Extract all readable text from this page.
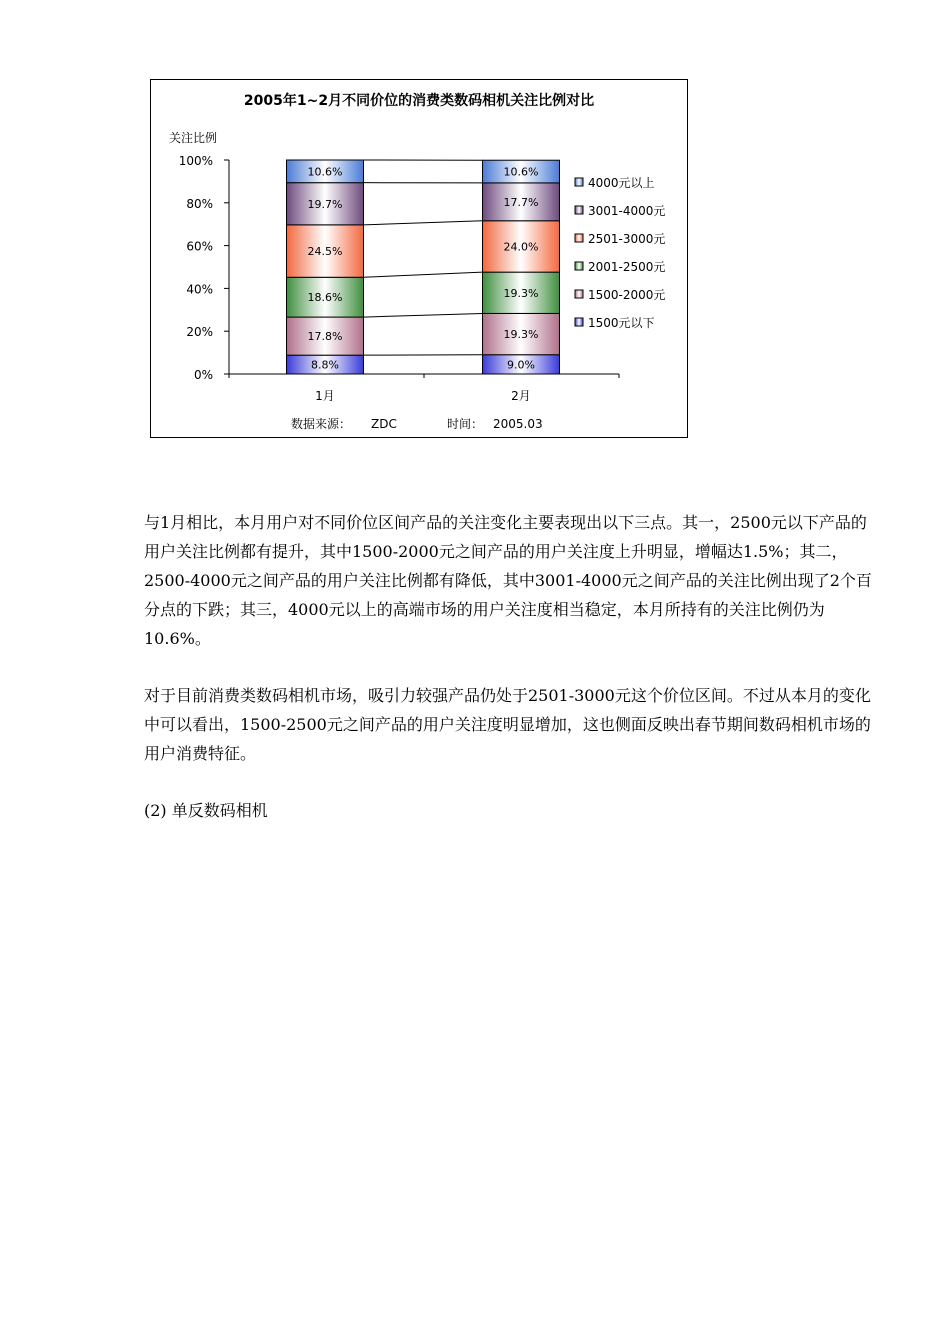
2005年1~2月不同价位的消费类数码相机关注比例对比
关注比例
0%
20%
40%
60%
80%
100%
8.8%
17.8%
18.6%
24.5%
19.7%
10.6%
1月
9.0%
19.3%
19.3%
24.0%
17.7%
10.6%
2月
4000元以上
3001-4000元
2501-3000元
2001-2500元
1500-2000元
1500元以下
数据来源： ZDC	时间： 2005.03

与1月相比，本月用户对不同价位区间产品的关注变化主要表现出以下三点。其一，2500元以下产品的用户关注比例都有提升，其中1500-2000元之间产品的用户关注度上升明显，增幅达1.5%；其二，2500-4000元之间产品的用户关注比例都有降低，其中3001-4000元之间产品的关注比例出现了2个百分点的下跌；其三，4000元以上的高端市场的用户关注度相当稳定，本月所持有的关注比例仍为10.6%。

对于目前消费类数码相机市场，吸引力较强产品仍处于2501-3000元这个价位区间。不过从本月的变化中可以看出，1500-2500元之间产品的用户关注度明显增加，这也侧面反映出春节期间数码相机市场的用户消费特征。

(2) 单反数码相机
